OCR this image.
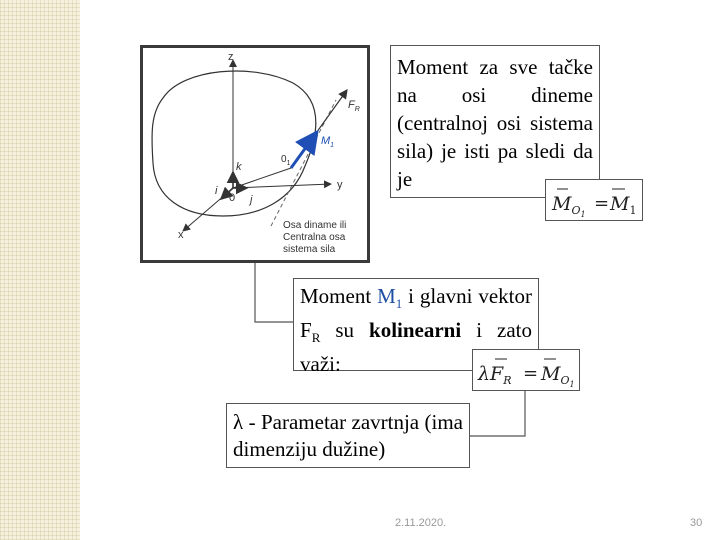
z
y
x
0
$0_1$
k
i
j
$F_R$
$M_1$
Osa diname ili
Centralna osa
sistema sila
Moment za sve tačke na osi dineme (centralnoj osi sistema sila) je isti pa sledi da je
$M_O1$
= $M_1$
Moment $M_1$ i glavni vektor $F_R$ su kolinearni i zato važi:	$\lambda F_R = M_O1$
λ - Parametar zavrtnja (ima dimenziju dužine)
2.11.2020.	30
